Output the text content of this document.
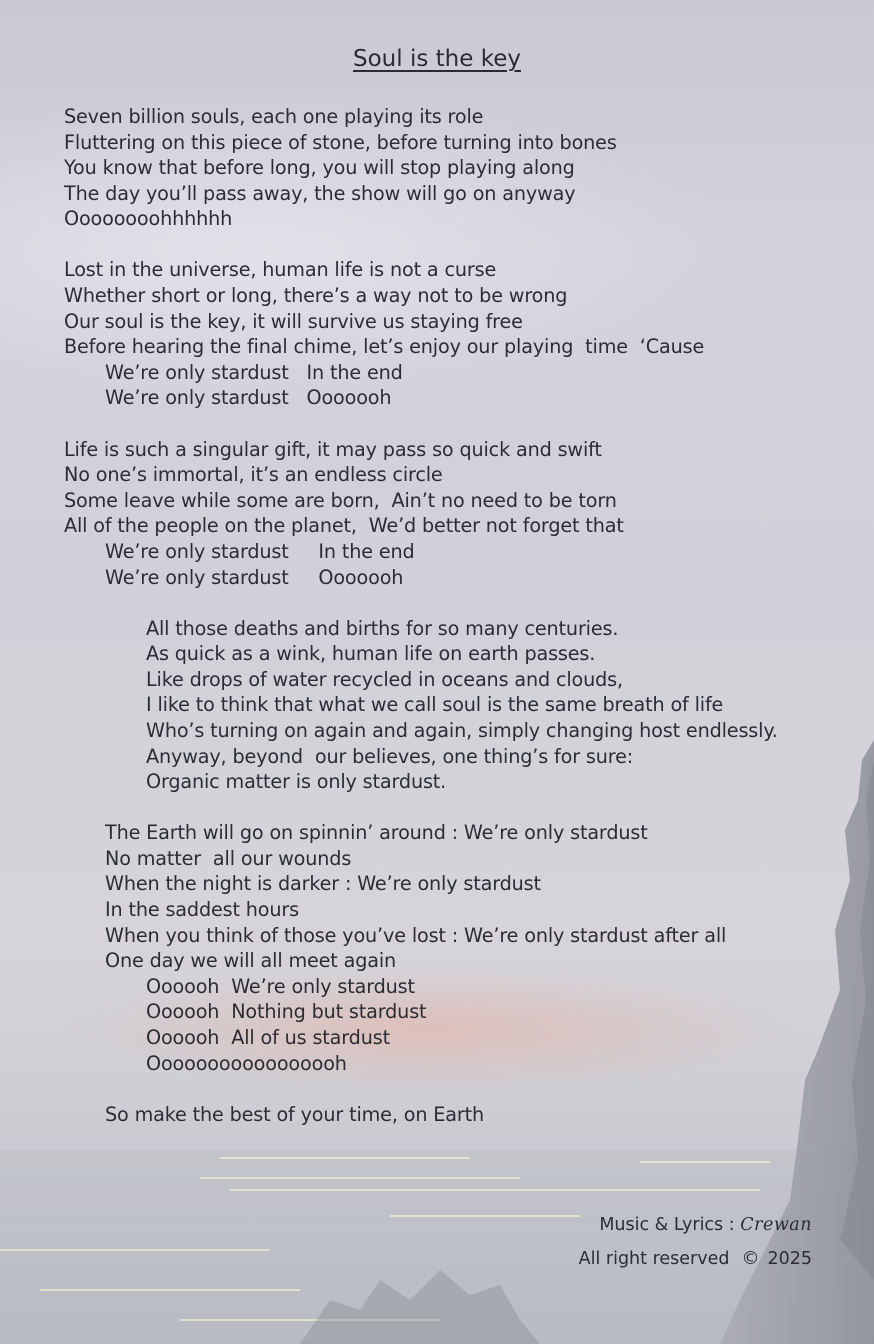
Soul is the key
Seven billion souls, each one playing its role
Fluttering on this piece of stone, before turning into bones
You know that before long, you will stop playing along
The day you’ll pass away, the show will go on anyway
Oooooooohhhhhh
Lost in the universe, human life is not a curse
Whether short or long, there’s a way not to be wrong
Our soul is the key, it will survive us staying free
Before hearing the final chime, let’s enjoy our playing  time  ‘Cause
We’re only stardust   In the end
We’re only stardust   Ooooooh
Life is such a singular gift, it may pass so quick and swift
No one’s immortal, it’s an endless circle
Some leave while some are born,  Ain’t no need to be torn
All of the people on the planet,  We’d better not forget that
We’re only stardust     In the end
We’re only stardust     Ooooooh
All those deaths and births for so many centuries.
As quick as a wink, human life on earth passes.
Like drops of water recycled in oceans and clouds,
I like to think that what we call soul is the same breath of life
Who’s turning on again and again, simply changing host endlessly.
Anyway, beyond  our believes, one thing’s for sure:
Organic matter is only stardust.
The Earth will go on spinnin’ around : We’re only stardust
No matter  all our wounds
When the night is darker : We’re only stardust
In the saddest hours
When you think of those you’ve lost : We’re only stardust after all
One day we will all meet again
Oooooh  We’re only stardust
Oooooh  Nothing but stardust
Oooooh  All of us stardust
Ooooooooooooooooh
So make the best of your time, on Earth
Music & Lyrics : Crewan
All right reserved © 2025
